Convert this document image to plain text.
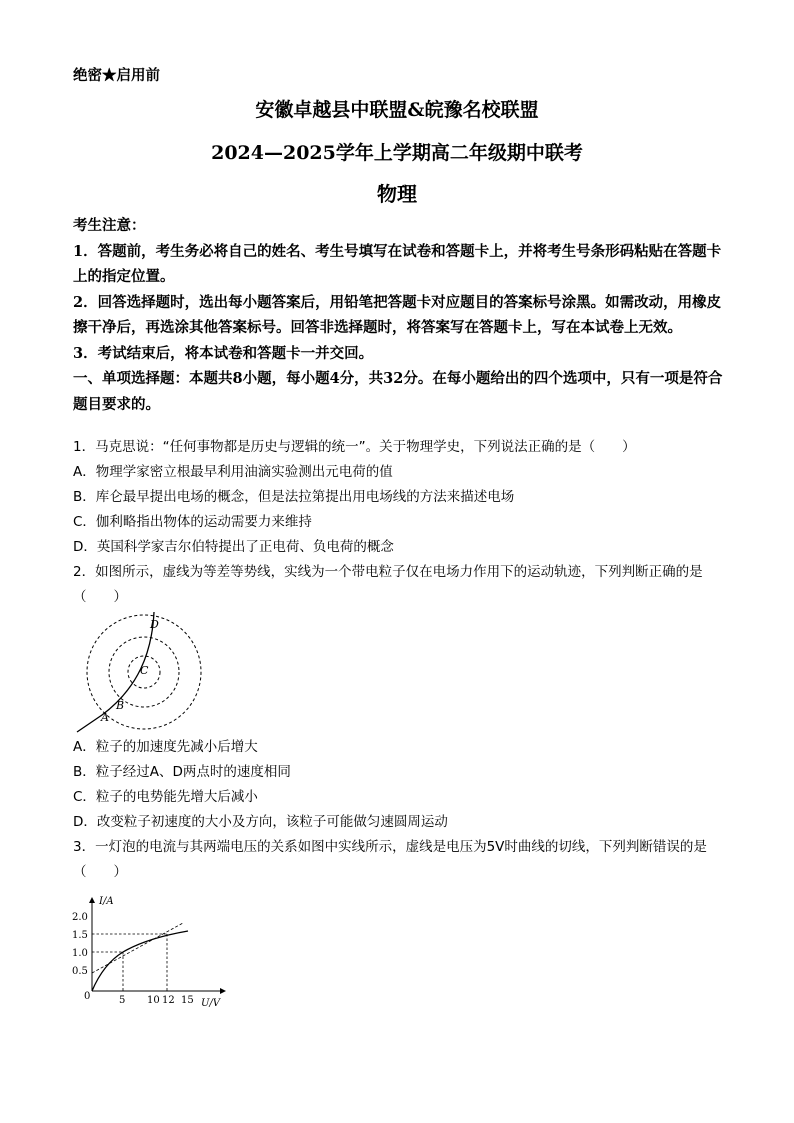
绝密★启用前
安徽卓越县中联盟&皖豫名校联盟
2024—2025学年上学期高二年级期中联考
物理

考生注意：

1．答题前，考生务必将自己的姓名、考生号填写在试卷和答题卡上，并将考生号条形码粘贴在答题卡上的指定位置。

2．回答选择题时，选出每小题答案后，用铅笔把答题卡对应题目的答案标号涂黑。如需改动，用橡皮擦干净后，再选涂其他答案标号。回答非选择题时，将答案写在答题卡上，写在本试卷上无效。

3．考试结束后，将本试卷和答题卡一并交回。

一、单项选择题：本题共8小题，每小题4分，共32分。在每小题给出的四个选项中，只有一项是符合题目要求的。

1．马克思说：“任何事物都是历史与逻辑的统一”。关于物理学史，下列说法正确的是（　　）

A．物理学家密立根最早利用油滴实验测出元电荷的值

B．库仑最早提出电场的概念，但是法拉第提出用电场线的方法来描述电场

C．伽利略指出物体的运动需要力来维持

D．英国科学家吉尔伯特提出了正电荷、负电荷的概念

2．如图所示，虚线为等差等势线，实线为一个带电粒子仅在电场力作用下的运动轨迹，下列判断正确的是（　　）

A
B
C
D

A．粒子的加速度先减小后增大

B．粒子经过A、D两点时的速度相同

C．粒子的电势能先增大后减小

D．改变粒子初速度的大小及方向，该粒子可能做匀速圆周运动

3．一灯泡的电流与其两端电压的关系如图中实线所示，虚线是电压为5V时曲线的切线，下列判断错误的是（　　）

I/A
U/V
0
2.0
1.5
1.0
0.5
5 10 12 15
